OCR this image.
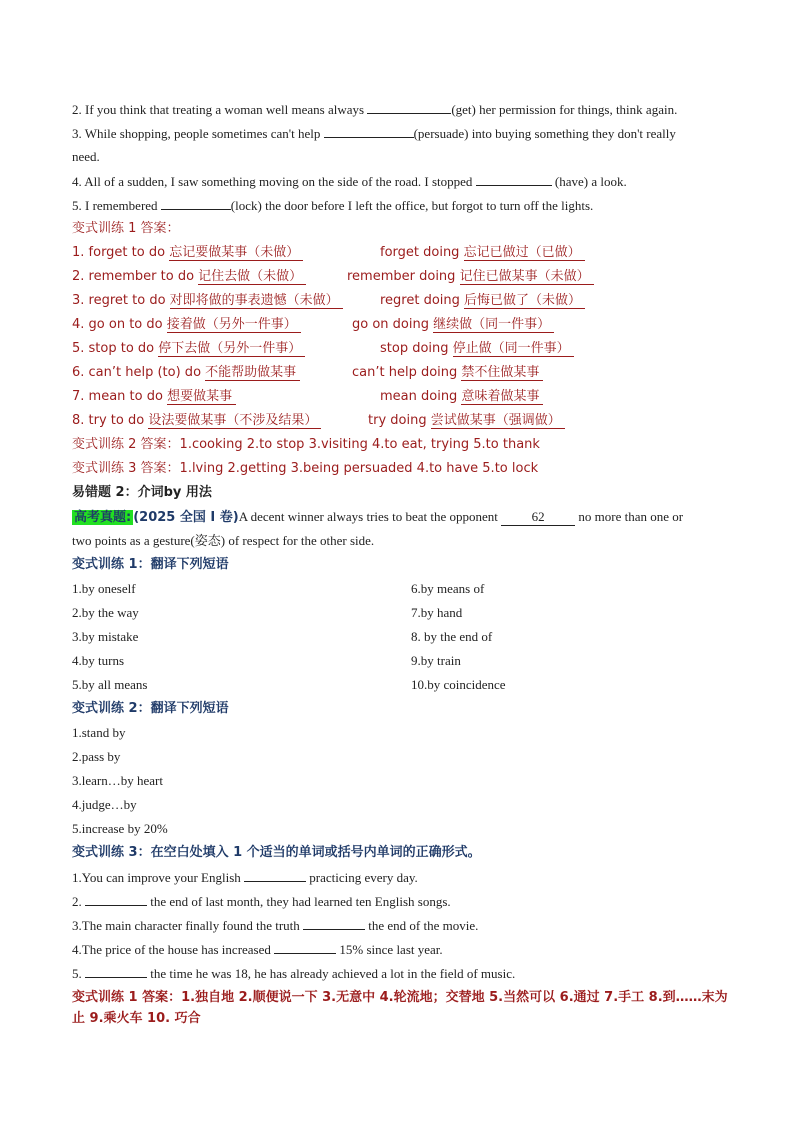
2. If you think that treating a woman well means always	(get) her permission for things, think again.
3. While shopping, people sometimes can't help	(persuade) into buying something they don't really
need.
4. All of a sudden, I saw something moving on the side of the road. I stopped	(have) a look.
5. I remembered	(lock) the door before I left the office, but forgot to turn off the lights.
变式训练 1 答案：
1. forget to do 忘记要做某事（未做）	forget doing 忘记已做过（已做）
2. remember to do 记住去做（未做）	remember doing 记住已做某事（未做）
3. regret to do 对即将做的事表遗憾（未做）	regret doing 后悔已做了（未做）
4. go on to do 接着做（另外一件事）	go on doing 继续做（同一件事）
5. stop to do 停下去做（另外一件事）	stop doing 停止做（同一件事）
6. can’t help (to) do 不能帮助做某事	can’t help doing 禁不住做某事
7. mean to do 想要做某事	mean doing 意味着做某事
8. try to do 设法要做某事（不涉及结果）	try doing 尝试做某事（强调做）
变式训练 2 答案：1.cooking 2.to stop 3.visiting 4.to eat, trying 5.to thank
变式训练 3 答案：1.lving 2.getting 3.being persuaded 4.to have 5.to lock
易错题 2：介词by 用法
高考真题: (2025 全国 I 卷)A decent winner always tries to beat the opponent 62 no more than one or
two points as a gesture(姿态) of respect for the other side.
变式训练 1：翻译下列短语
1.by oneself
2.by the way
3.by mistake
4.by turns
5.by all means
6.by means of
7.by hand
8. by the end of
9.by train
10.by coincidence
变式训练 2：翻译下列短语
1.stand by
2.pass by
3.learn…by heart
4.judge…by
5.increase by 20%
变式训练 3：在空白处填入 1 个适当的单词或括号内单词的正确形式。
1.You can improve your English	practicing every day.
2.	the end of last month, they had learned ten English songs.
3.The main character finally found the truth	the end of the movie.
4.The price of the house has increased	15% since last year.
5.	the time he was 18, he has already achieved a lot in the field of music.
变式训练 1 答案：1.独自地 2.顺便说一下 3.无意中 4.轮流地；交替地 5.当然可以 6.通过 7.手工 8.到……末为
止 9.乘火车 10. 巧合
